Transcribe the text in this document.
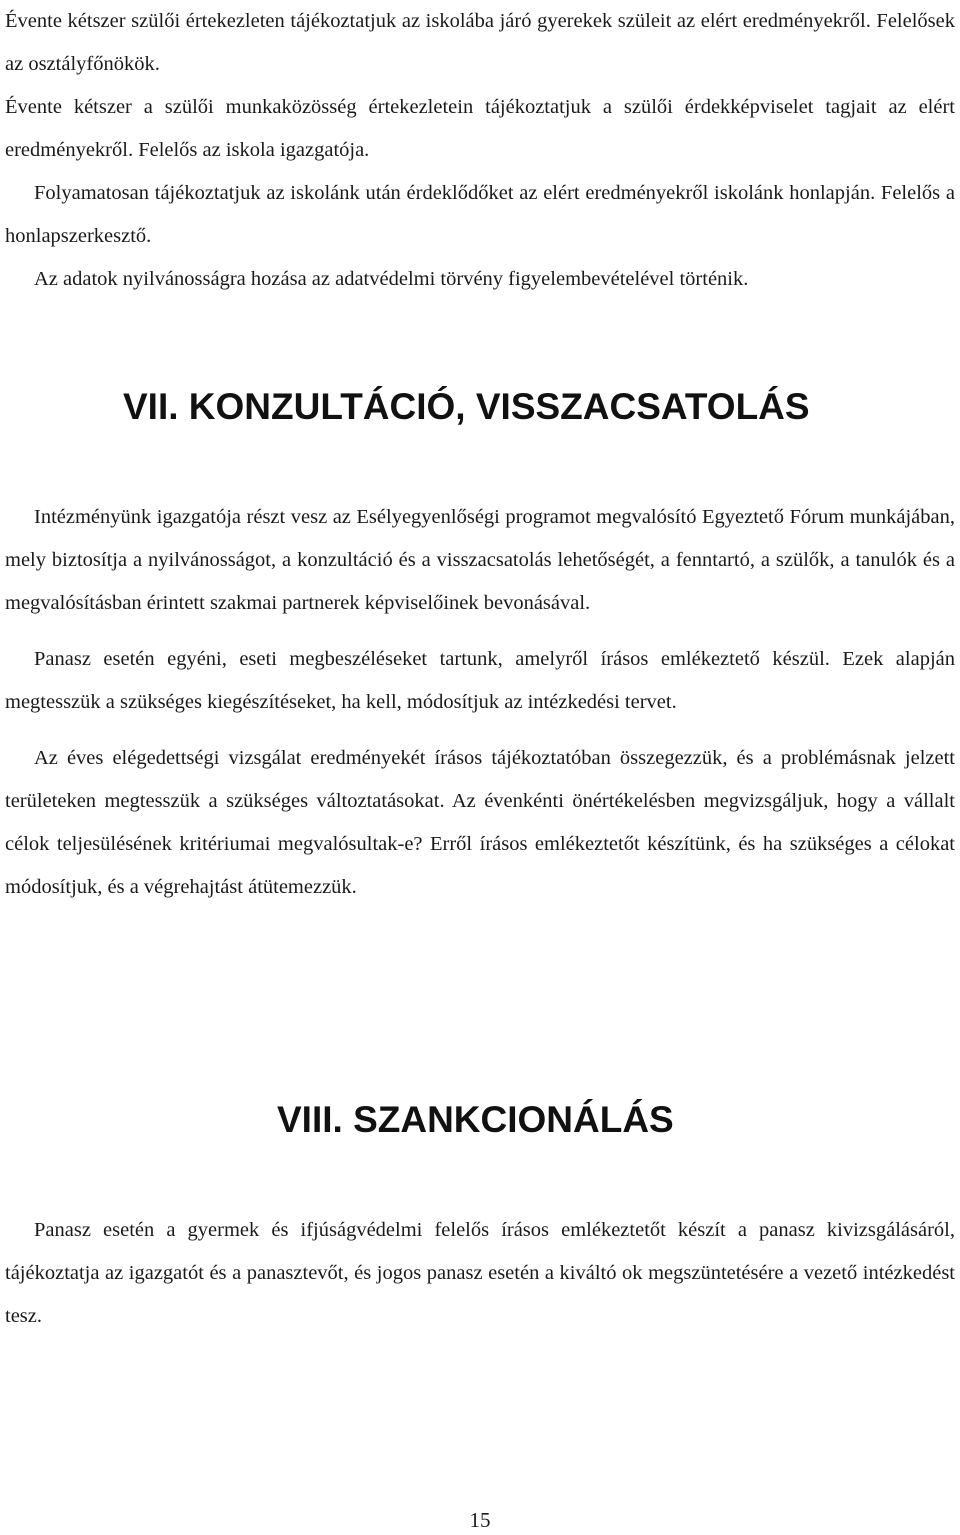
Évente kétszer szülői értekezleten tájékoztatjuk az iskolába járó gyerekek szüleit az elért eredményekről. Felelősek az osztályfőnökök.

Évente kétszer a szülői munkaközösség értekezletein tájékoztatjuk a szülői érdekképviselet tagjait az elért eredményekről. Felelős az iskola igazgatója.

Folyamatosan tájékoztatjuk az iskolánk után érdeklődőket az elért eredményekről iskolánk honlapján. Felelős a honlapszerkesztő.

Az adatok nyilvánosságra hozása az adatvédelmi törvény figyelembevételével történik.

VII. KONZULTÁCIÓ, VISSZACSATOLÁS

Intézményünk igazgatója részt vesz az Esélyegyenlőségi programot megvalósító Egyeztető Fórum munkájában, mely biztosítja a nyilvánosságot, a konzultáció és a visszacsatolás lehetőségét, a fenntartó, a szülők, a tanulók és a megvalósításban érintett szakmai partnerek képviselőinek bevonásával.

Panasz esetén egyéni, eseti megbeszéléseket tartunk, amelyről írásos emlékeztető készül. Ezek alapján megtesszük a szükséges kiegészítéseket, ha kell, módosítjuk az intézkedési tervet.

Az éves elégedettségi vizsgálat eredményekét írásos tájékoztatóban összegezzük, és a problémásnak jelzett területeken megtesszük a szükséges változtatásokat. Az évenkénti önértékelésben megvizsgáljuk, hogy a vállalt célok teljesülésének kritériumai megvalósultak-e? Erről írásos emlékeztetőt készítünk, és ha szükséges a célokat módosítjuk, és a végrehajtást átütemezzük.

VIII. SZANKCIONÁLÁS

Panasz esetén a gyermek és ifjúságvédelmi felelős írásos emlékeztetőt készít a panasz kivizsgálásáról, tájékoztatja az igazgatót és a panasztevőt, és jogos panasz esetén a kiváltó ok megszüntetésére a vezető intézkedést tesz.

15
